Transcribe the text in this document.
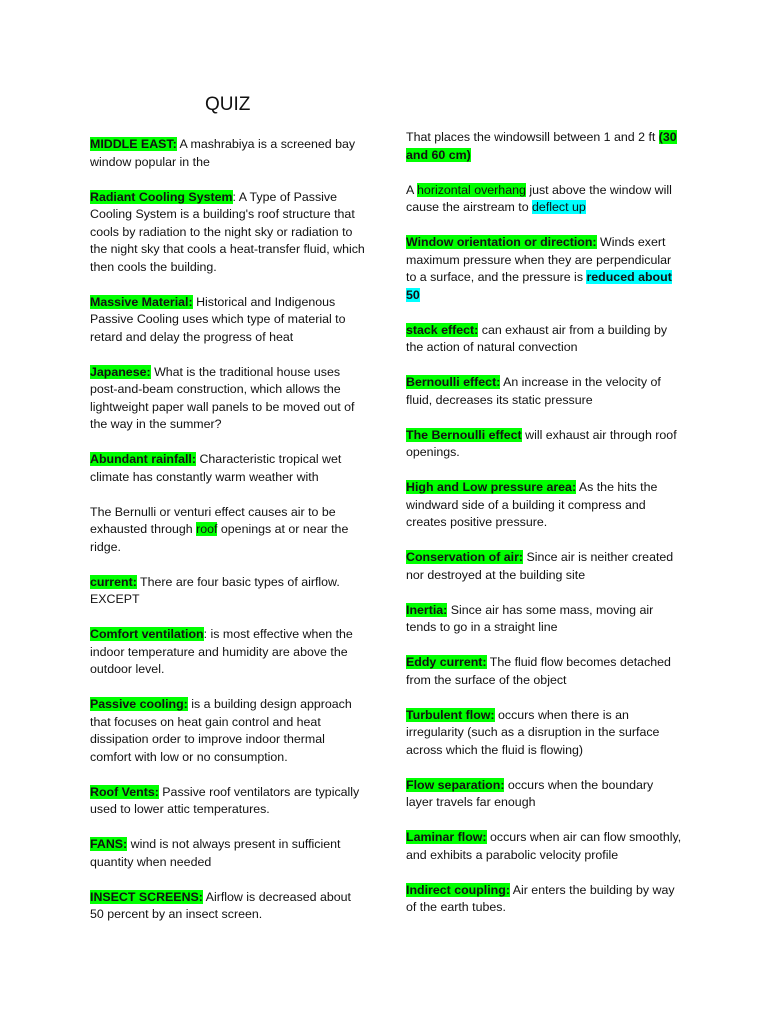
QUIZ

MIDDLE EAST: A mashrabiya is a screened bay window popular in the

Radiant Cooling System: A Type of Passive Cooling System is a building's roof structure that cools by radiation to the night sky or radiation to the night sky that cools a heat-transfer fluid, which then cools the building.

Massive Material: Historical and Indigenous Passive Cooling uses which type of material to retard and delay the progress of heat

Japanese: What is the traditional house uses post-and-beam construction, which allows the lightweight paper wall panels to be moved out of the way in the summer?

Abundant rainfall: Characteristic tropical wet climate has constantly warm weather with

The Bernulli or venturi effect causes air to be exhausted through roof openings at or near the ridge.

current: There are four basic types of airflow. EXCEPT

Comfort ventilation: is most effective when the indoor temperature and humidity are above the outdoor level.

Passive cooling: is a building design approach that focuses on heat gain control and heat dissipation order to improve indoor thermal comfort with low or no consumption.

Roof Vents: Passive roof ventilators are typically used to lower attic temperatures.

FANS: wind is not always present in sufficient quantity when needed

INSECT SCREENS: Airflow is decreased about 50 percent by an insect screen.

That places the windowsill between 1 and 2 ft (30 and 60 cm)

A horizontal overhang just above the window will cause the airstream to deflect up

Window orientation or direction: Winds exert maximum pressure when they are perpendicular to a surface, and the pressure is reduced about 50

stack effect: can exhaust air from a building by the action of natural convection

Bernoulli effect: An increase in the velocity of fluid, decreases its static pressure

The Bernoulli effect will exhaust air through roof openings.

High and Low pressure area: As the hits the windward side of a building it compress and creates positive pressure.

Conservation of air: Since air is neither created nor destroyed at the building site

Inertia: Since air has some mass, moving air tends to go in a straight line

Eddy current: The fluid flow becomes detached from the surface of the object

Turbulent flow: occurs when there is an irregularity (such as a disruption in the surface across which the fluid is flowing)

Flow separation: occurs when the boundary layer travels far enough

Laminar flow: occurs when air can flow smoothly, and exhibits a parabolic velocity profile

Indirect coupling: Air enters the building by way of the earth tubes.
